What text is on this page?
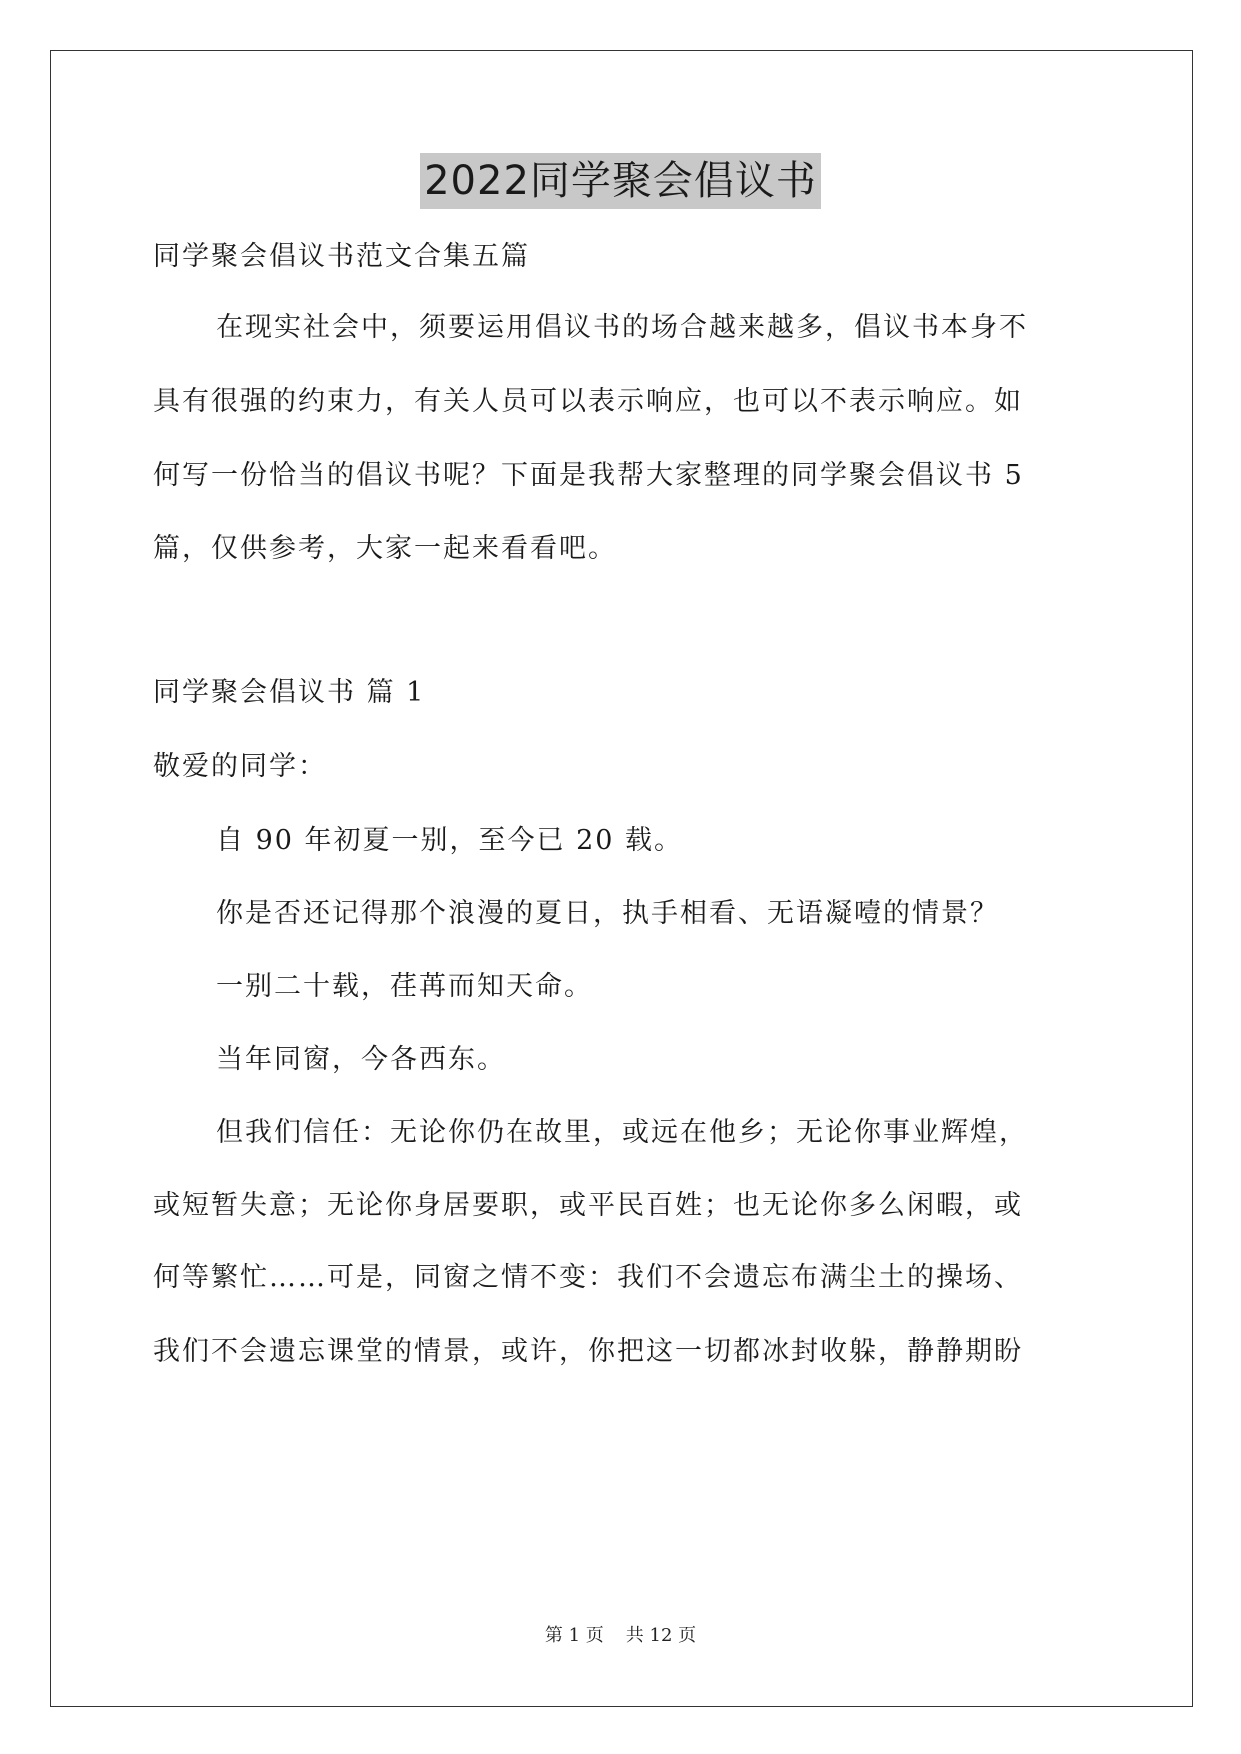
2022同学聚会倡议书
同学聚会倡议书范文合集五篇
在现实社会中，须要运用倡议书的场合越来越多，倡议书本身不
具有很强的约束力，有关人员可以表示响应，也可以不表示响应。如
何写一份恰当的倡议书呢？下面是我帮大家整理的同学聚会倡议书 5
篇，仅供参考，大家一起来看看吧。
同学聚会倡议书 篇 1
敬爱的同学：
自 90 年初夏一别，至今已 20 载。
你是否还记得那个浪漫的夏日，执手相看、无语凝噎的情景？
一别二十载，荏苒而知天命。
当年同窗，今各西东。
但我们信任：无论你仍在故里，或远在他乡；无论你事业辉煌，
或短暂失意；无论你身居要职，或平民百姓；也无论你多么闲暇，或
何等繁忙……可是，同窗之情不变：我们不会遗忘布满尘土的操场、
我们不会遗忘课堂的情景，或许，你把这一切都冰封收躲，静静期盼
第 1 页 共 12 页
